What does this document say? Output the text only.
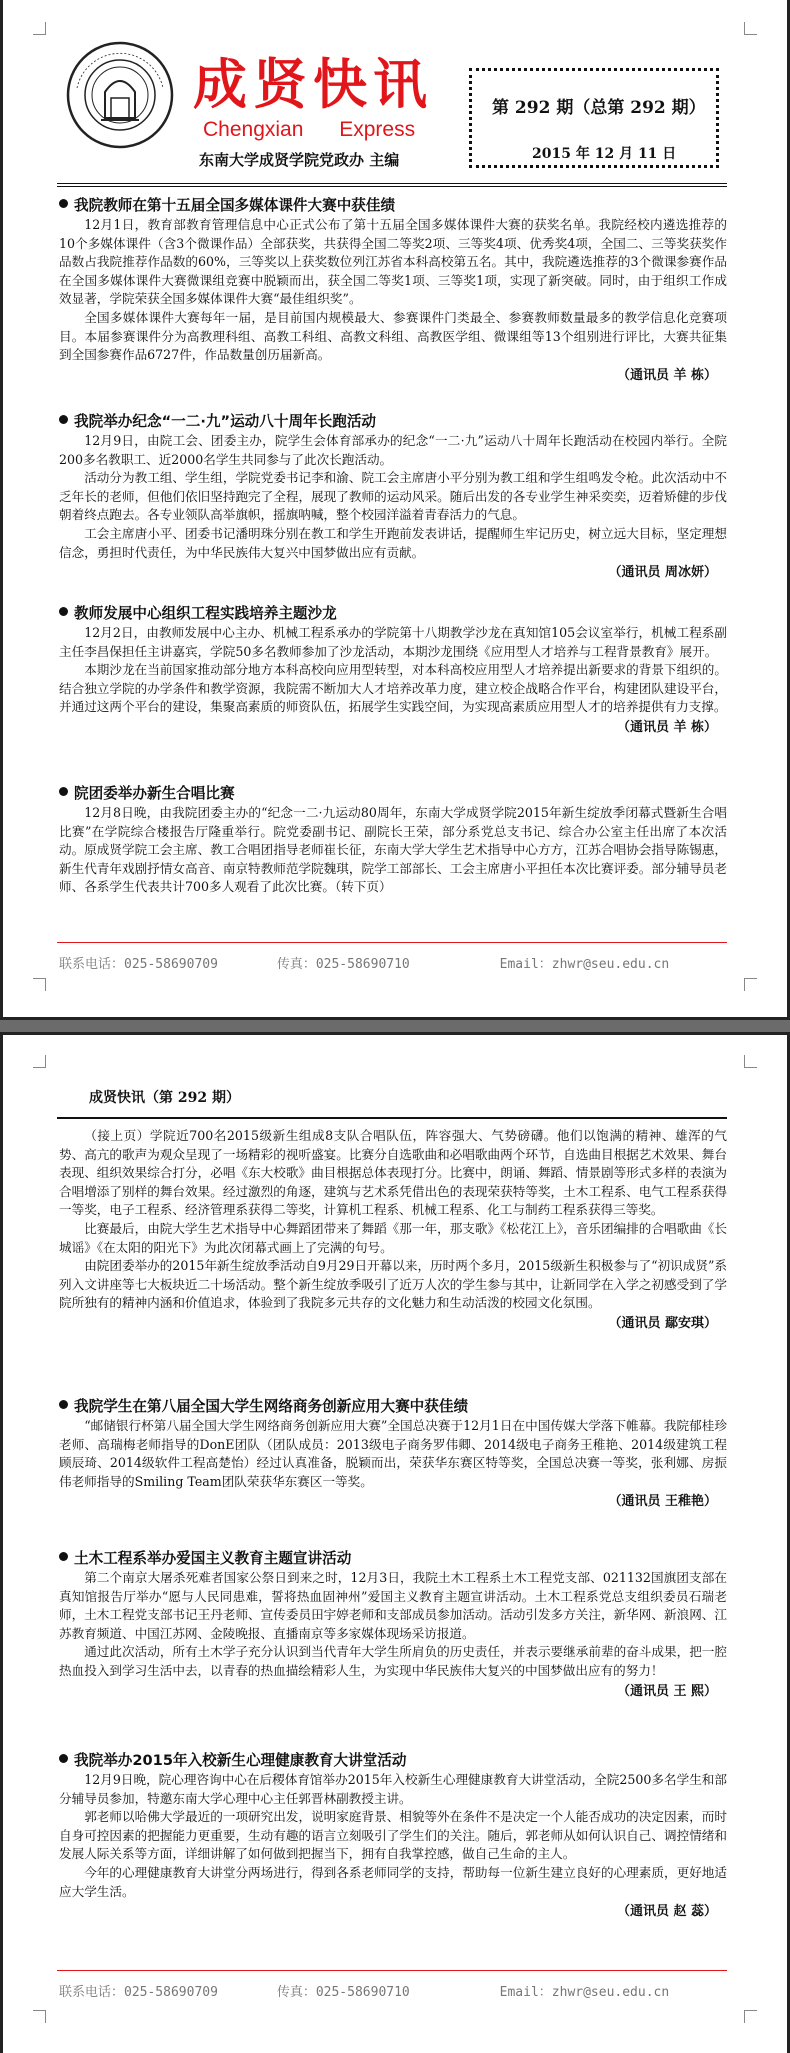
成贤快讯
Chengxian Express
东南大学成贤学院党政办 主编
第 292 期（总第 292 期）
2015 年 12 月 11 日
我院教师在第十五届全国多媒体课件大赛中获佳绩

12月1日，教育部教育管理信息中心正式公布了第十五届全国多媒体课件大赛的获奖名单。我院经校内遴选推荐的10个多媒体课件（含3个微课作品）全部获奖，共获得全国二等奖2项、三等奖4项、优秀奖4项，全国二、三等奖获奖作品数占我院推荐作品数的60%，三等奖以上获奖数位列江苏省本科高校第五名。其中，我院遴选推荐的3个微课参赛作品在全国多媒体课件大赛微课组竞赛中脱颖而出，获全国二等奖1项、三等奖1项，实现了新突破。同时，由于组织工作成效显著，学院荣获全国多媒体课件大赛“最佳组织奖”。

全国多媒体课件大赛每年一届，是目前国内规模最大、参赛课件门类最全、参赛教师数量最多的教学信息化竞赛项目。本届参赛课件分为高教理科组、高教工科组、高教文科组、高教医学组、微课组等13个组别进行评比，大赛共征集到全国参赛作品6727件，作品数量创历届新高。

（通讯员 羊 栋）
我院举办纪念“一二·九”运动八十周年长跑活动

12月9日，由院工会、团委主办，院学生会体育部承办的纪念“一二·九”运动八十周年长跑活动在校园内举行。全院200多名教职工、近2000名学生共同参与了此次长跑活动。

活动分为教工组、学生组，学院党委书记李和渝、院工会主席唐小平分别为教工组和学生组鸣发令枪。此次活动中不乏年长的老师，但他们依旧坚持跑完了全程，展现了教师的运动风采。随后出发的各专业学生神采奕奕，迈着矫健的步伐朝着终点跑去。各专业领队高举旗帜，摇旗呐喊，整个校园洋溢着青春活力的气息。

工会主席唐小平、团委书记潘明珠分别在教工和学生开跑前发表讲话，提醒师生牢记历史，树立远大目标，坚定理想信念，勇担时代责任，为中华民族伟大复兴中国梦做出应有贡献。

（通讯员 周冰妍）
教师发展中心组织工程实践培养主题沙龙

12月2日，由教师发展中心主办、机械工程系承办的学院第十八期教学沙龙在真知馆105会议室举行，机械工程系副主任李昌保担任主讲嘉宾，学院50多名教师参加了沙龙活动，本期沙龙围绕《应用型人才培养与工程背景教育》展开。

本期沙龙在当前国家推动部分地方本科高校向应用型转型，对本科高校应用型人才培养提出新要求的背景下组织的。结合独立学院的办学条件和教学资源，我院需不断加大人才培养改革力度，建立校企战略合作平台，构建团队建设平台，并通过这两个平台的建设，集聚高素质的师资队伍，拓展学生实践空间，为实现高素质应用型人才的培养提供有力支撑。

（通讯员 羊 栋）
院团委举办新生合唱比赛

12月8日晚，由我院团委主办的“纪念一二·九运动80周年，东南大学成贤学院2015年新生绽放季闭幕式暨新生合唱比赛”在学院综合楼报告厅隆重举行。院党委副书记、副院长王荣，部分系党总支书记、综合办公室主任出席了本次活动。原成贤学院工会主席、教工合唱团指导老师崔长征，东南大学大学生艺术指导中心方方，江苏合唱协会指导陈锡惠，新生代青年戏剧抒情女高音、南京特教师范学院魏琪，院学工部部长、工会主席唐小平担任本次比赛评委。部分辅导员老师、各系学生代表共计700多人观看了此次比赛。（转下页）

联系电话：025-58690709	传真：025-58690710	Email：zhwr@seu.edu.cn
成贤快讯（第 292 期）

（接上页）学院近700名2015级新生组成8支队合唱队伍，阵容强大、气势磅礴。他们以饱满的精神、雄浑的气势、高亢的歌声为观众呈现了一场精彩的视听盛宴。比赛分自选歌曲和必唱歌曲两个环节，自选曲目根据艺术效果、舞台表现、组织效果综合打分，必唱《东大校歌》曲目根据总体表现打分。比赛中，朗诵、舞蹈、情景剧等形式多样的表演为合唱增添了别样的舞台效果。经过激烈的角逐，建筑与艺术系凭借出色的表现荣获特等奖，土木工程系、电气工程系获得一等奖，电子工程系、经济管理系获得二等奖，计算机工程系、机械工程系、化工与制药工程系获得三等奖。

比赛最后，由院大学生艺术指导中心舞蹈团带来了舞蹈《那一年，那支歌》《松花江上》，音乐团编排的合唱歌曲《长城谣》《在太阳的阳光下》为此次闭幕式画上了完满的句号。

由院团委举办的2015年新生绽放季活动自9月29日开幕以来，历时两个多月，2015级新生积极参与了“初识成贤”系列入文讲座等七大板块近二十场活动。整个新生绽放季吸引了近万人次的学生参与其中，让新同学在入学之初感受到了学院所独有的精神内涵和价值追求，体验到了我院多元共存的文化魅力和生动活泼的校园文化氛围。

（通讯员 鄢安琪）
我院学生在第八届全国大学生网络商务创新应用大赛中获佳绩

“邮储银行杯第八届全国大学生网络商务创新应用大赛”全国总决赛于12月1日在中国传媒大学落下帷幕。我院郁桂珍老师、高瑞梅老师指导的DonE团队（团队成员：2013级电子商务罗伟卿、2014级电子商务王稚艳、2014级建筑工程顾辰琦、2014级软件工程高楚怡）经过认真准备，脱颖而出，荣获华东赛区特等奖，全国总决赛一等奖，张利娜、房振伟老师指导的Smiling Team团队荣获华东赛区一等奖。

（通讯员 王稚艳）
土木工程系举办爱国主义教育主题宣讲活动

第二个南京大屠杀死难者国家公祭日到来之时，12月3日，我院土木工程系土木工程党支部、021132国旗团支部在真知馆报告厅举办“愿与人民同患难，誓将热血固神州”爱国主义教育主题宣讲活动。土木工程系党总支组织委员石瑞老师，土木工程党支部书记王丹老师、宣传委员田宇婷老师和支部成员参加活动。活动引发多方关注，新华网、新浪网、江苏教育频道、中国江苏网、金陵晚报、直播南京等多家媒体现场采访报道。

通过此次活动，所有土木学子充分认识到当代青年大学生所肩负的历史责任，并表示要继承前辈的奋斗成果，把一腔热血投入到学习生活中去，以青春的热血描绘精彩人生，为实现中华民族伟大复兴的中国梦做出应有的努力！

（通讯员 王 熙）
我院举办2015年入校新生心理健康教育大讲堂活动

12月9日晚，院心理咨询中心在后稷体育馆举办2015年入校新生心理健康教育大讲堂活动，全院2500多名学生和部分辅导员参加，特邀东南大学心理中心主任郭晋林副教授主讲。

郭老师以哈佛大学最近的一项研究出发，说明家庭背景、相貌等外在条件不是决定一个人能否成功的决定因素，而时自身可控因素的把握能力更重要，生动有趣的语言立刻吸引了学生们的关注。随后，郭老师从如何认识自己、调控情绪和发展人际关系等方面，详细讲解了如何做到把握当下，拥有自我掌控感，做自己生命的主人。

今年的心理健康教育大讲堂分两场进行，得到各系老师同学的支持，帮助每一位新生建立良好的心理素质，更好地适应大学生活。

（通讯员 赵 蕊）
联系电话：025-58690709	传真：025-58690710	Email：zhwr@seu.edu.cn
